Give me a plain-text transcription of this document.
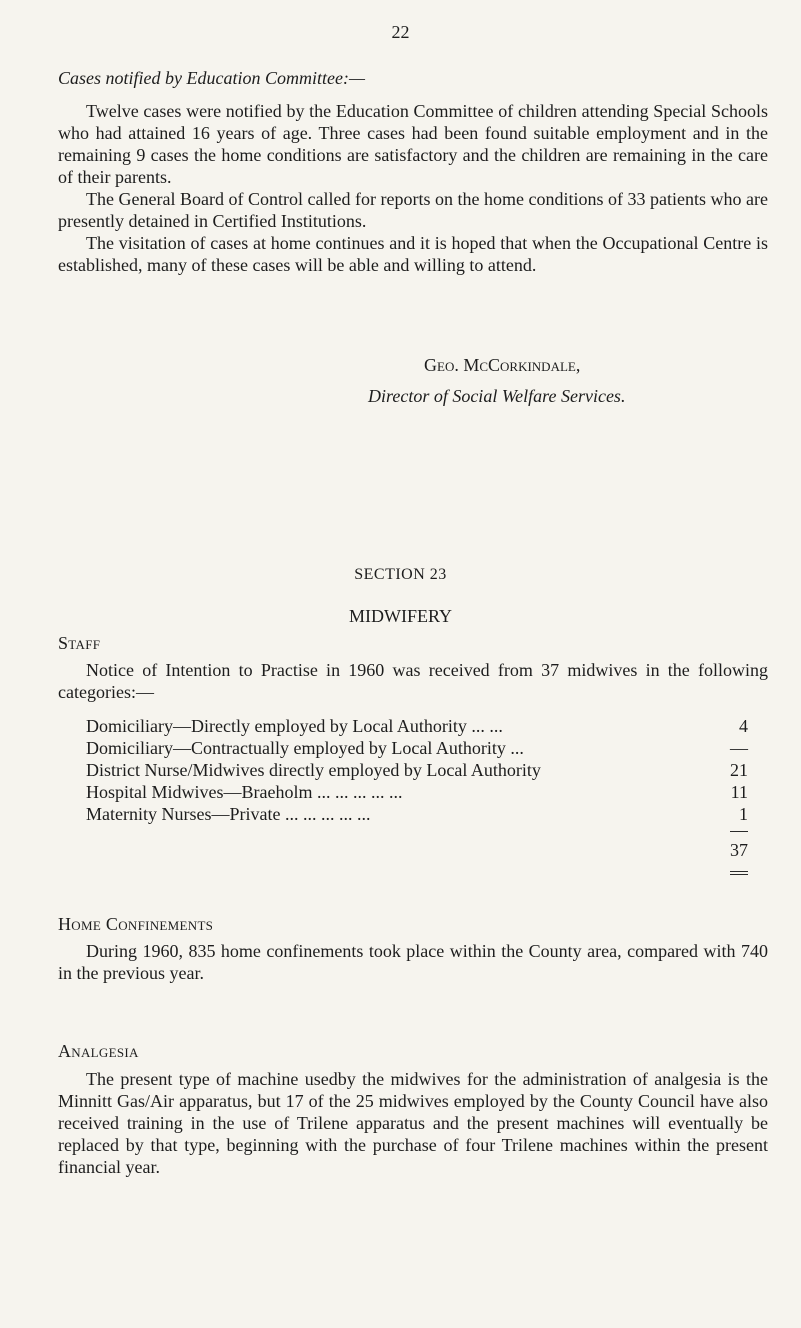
22
Cases notified by Education Committee:—

Twelve cases were notified by the Education Committee of children attending Special Schools who had attained 16 years of age. Three cases had been found suitable employment and in the remaining 9 cases the home conditions are satisfactory and the children are remaining in the care of their parents.

The General Board of Control called for reports on the home conditions of 33 patients who are presently detained in Certified Institutions.

The visitation of cases at home continues and it is hoped that when the Occupational Centre is established, many of these cases will be able and willing to attend.

Geo. McCorkindale,
Director of Social Welfare Services.
SECTION 23
MIDWIFERY
Staff

Notice of Intention to Practise in 1960 was received from 37 midwives in the following categories:—

Domiciliary—Directly employed by Local Authority ... ...	4
Domiciliary—Contractually employed by Local Authority ...	—
District Nurse/Midwives directly employed by Local Authority	21
Hospital Midwives—Braeholm ... ... ... ... ...	11
Maternity Nurses—Private ... ... ... ... ...	1
37
Home Confinements

During 1960, 835 home confinements took place within the County area, compared with 740 in the previous year.

Analgesia

The present type of machine usedby the midwives for the administration of analgesia is the Minnitt Gas/Air apparatus, but 17 of the 25 midwives employed by the County Council have also received training in the use of Trilene apparatus and the present machines will eventually be replaced by that type, beginning with the purchase of four Trilene machines within the present financial year.
